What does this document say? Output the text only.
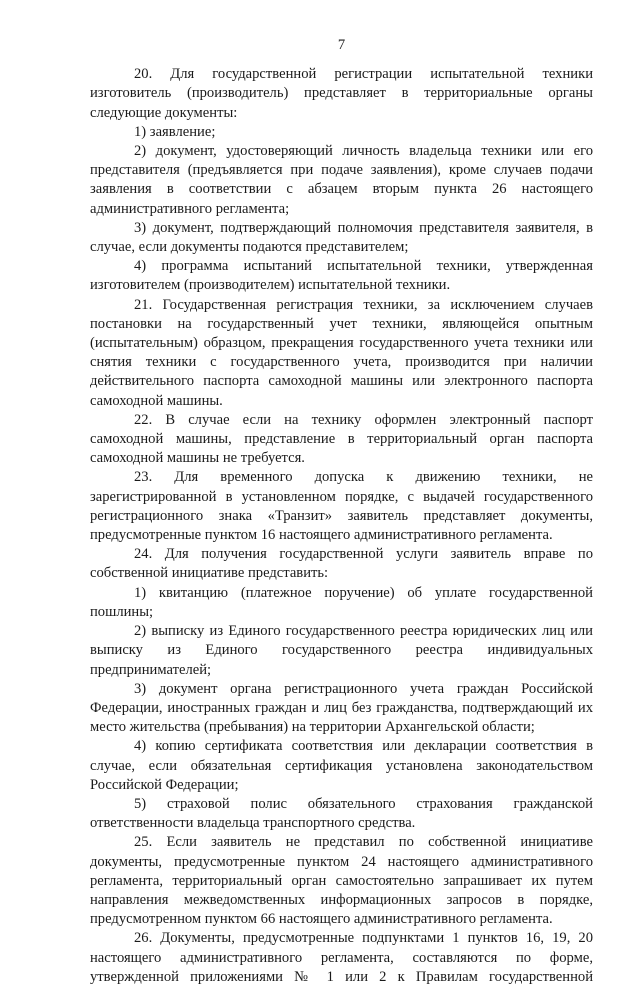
7

20. Для государственной регистрации испытательной техники изготовитель (производитель) представляет в территориальные органы следующие документы:

1) заявление;

2) документ, удостоверяющий личность владельца техники или его представителя (предъявляется при подаче заявления), кроме случаев подачи заявления в соответствии с абзацем вторым пункта 26 настоящего административного регламента;

3) документ, подтверждающий полномочия представителя заявителя, в случае, если документы подаются представителем;

4) программа испытаний испытательной техники, утвержденная изготовителем (производителем) испытательной техники.

21. Государственная регистрация техники, за исключением случаев постановки на государственный учет техники, являющейся опытным (испытательным) образцом, прекращения государственного учета техники или снятия техники с государственного учета, производится при наличии действительного паспорта самоходной машины или электронного паспорта самоходной машины.

22. В случае если на технику оформлен электронный паспорт самоходной машины, представление в территориальный орган паспорта самоходной машины не требуется.

23. Для временного допуска к движению техники, не зарегистрированной в установленном порядке, с выдачей государственного регистрационного знака «Транзит» заявитель представляет документы, предусмотренные пунктом 16 настоящего административного регламента.

24. Для получения государственной услуги заявитель вправе по собственной инициативе представить:

1) квитанцию (платежное поручение) об уплате государственной пошлины;

2) выписку из Единого государственного реестра юридических лиц или выписку из Единого государственного реестра индивидуальных предпринимателей;

3) документ органа регистрационного учета граждан Российской Федерации, иностранных граждан и лиц без гражданства, подтверждающий их место жительства (пребывания) на территории Архангельской области;

4) копию сертификата соответствия или декларации соответствия в случае, если обязательная сертификация установлена законодательством Российской Федерации;

5) страховой полис обязательного страхования гражданской ответственности владельца транспортного средства.

25. Если заявитель не представил по собственной инициативе документы, предусмотренные пунктом 24 настоящего административного регламента, территориальный орган самостоятельно запрашивает их путем направления межведомственных информационных запросов в порядке, предусмотренном пунктом 66 настоящего административного регламента.

26. Документы, предусмотренные подпунктами 1 пунктов 16, 19, 20 настоящего административного регламента, составляются по форме, утвержденной приложениями № 1 или 2 к Правилам государственной
